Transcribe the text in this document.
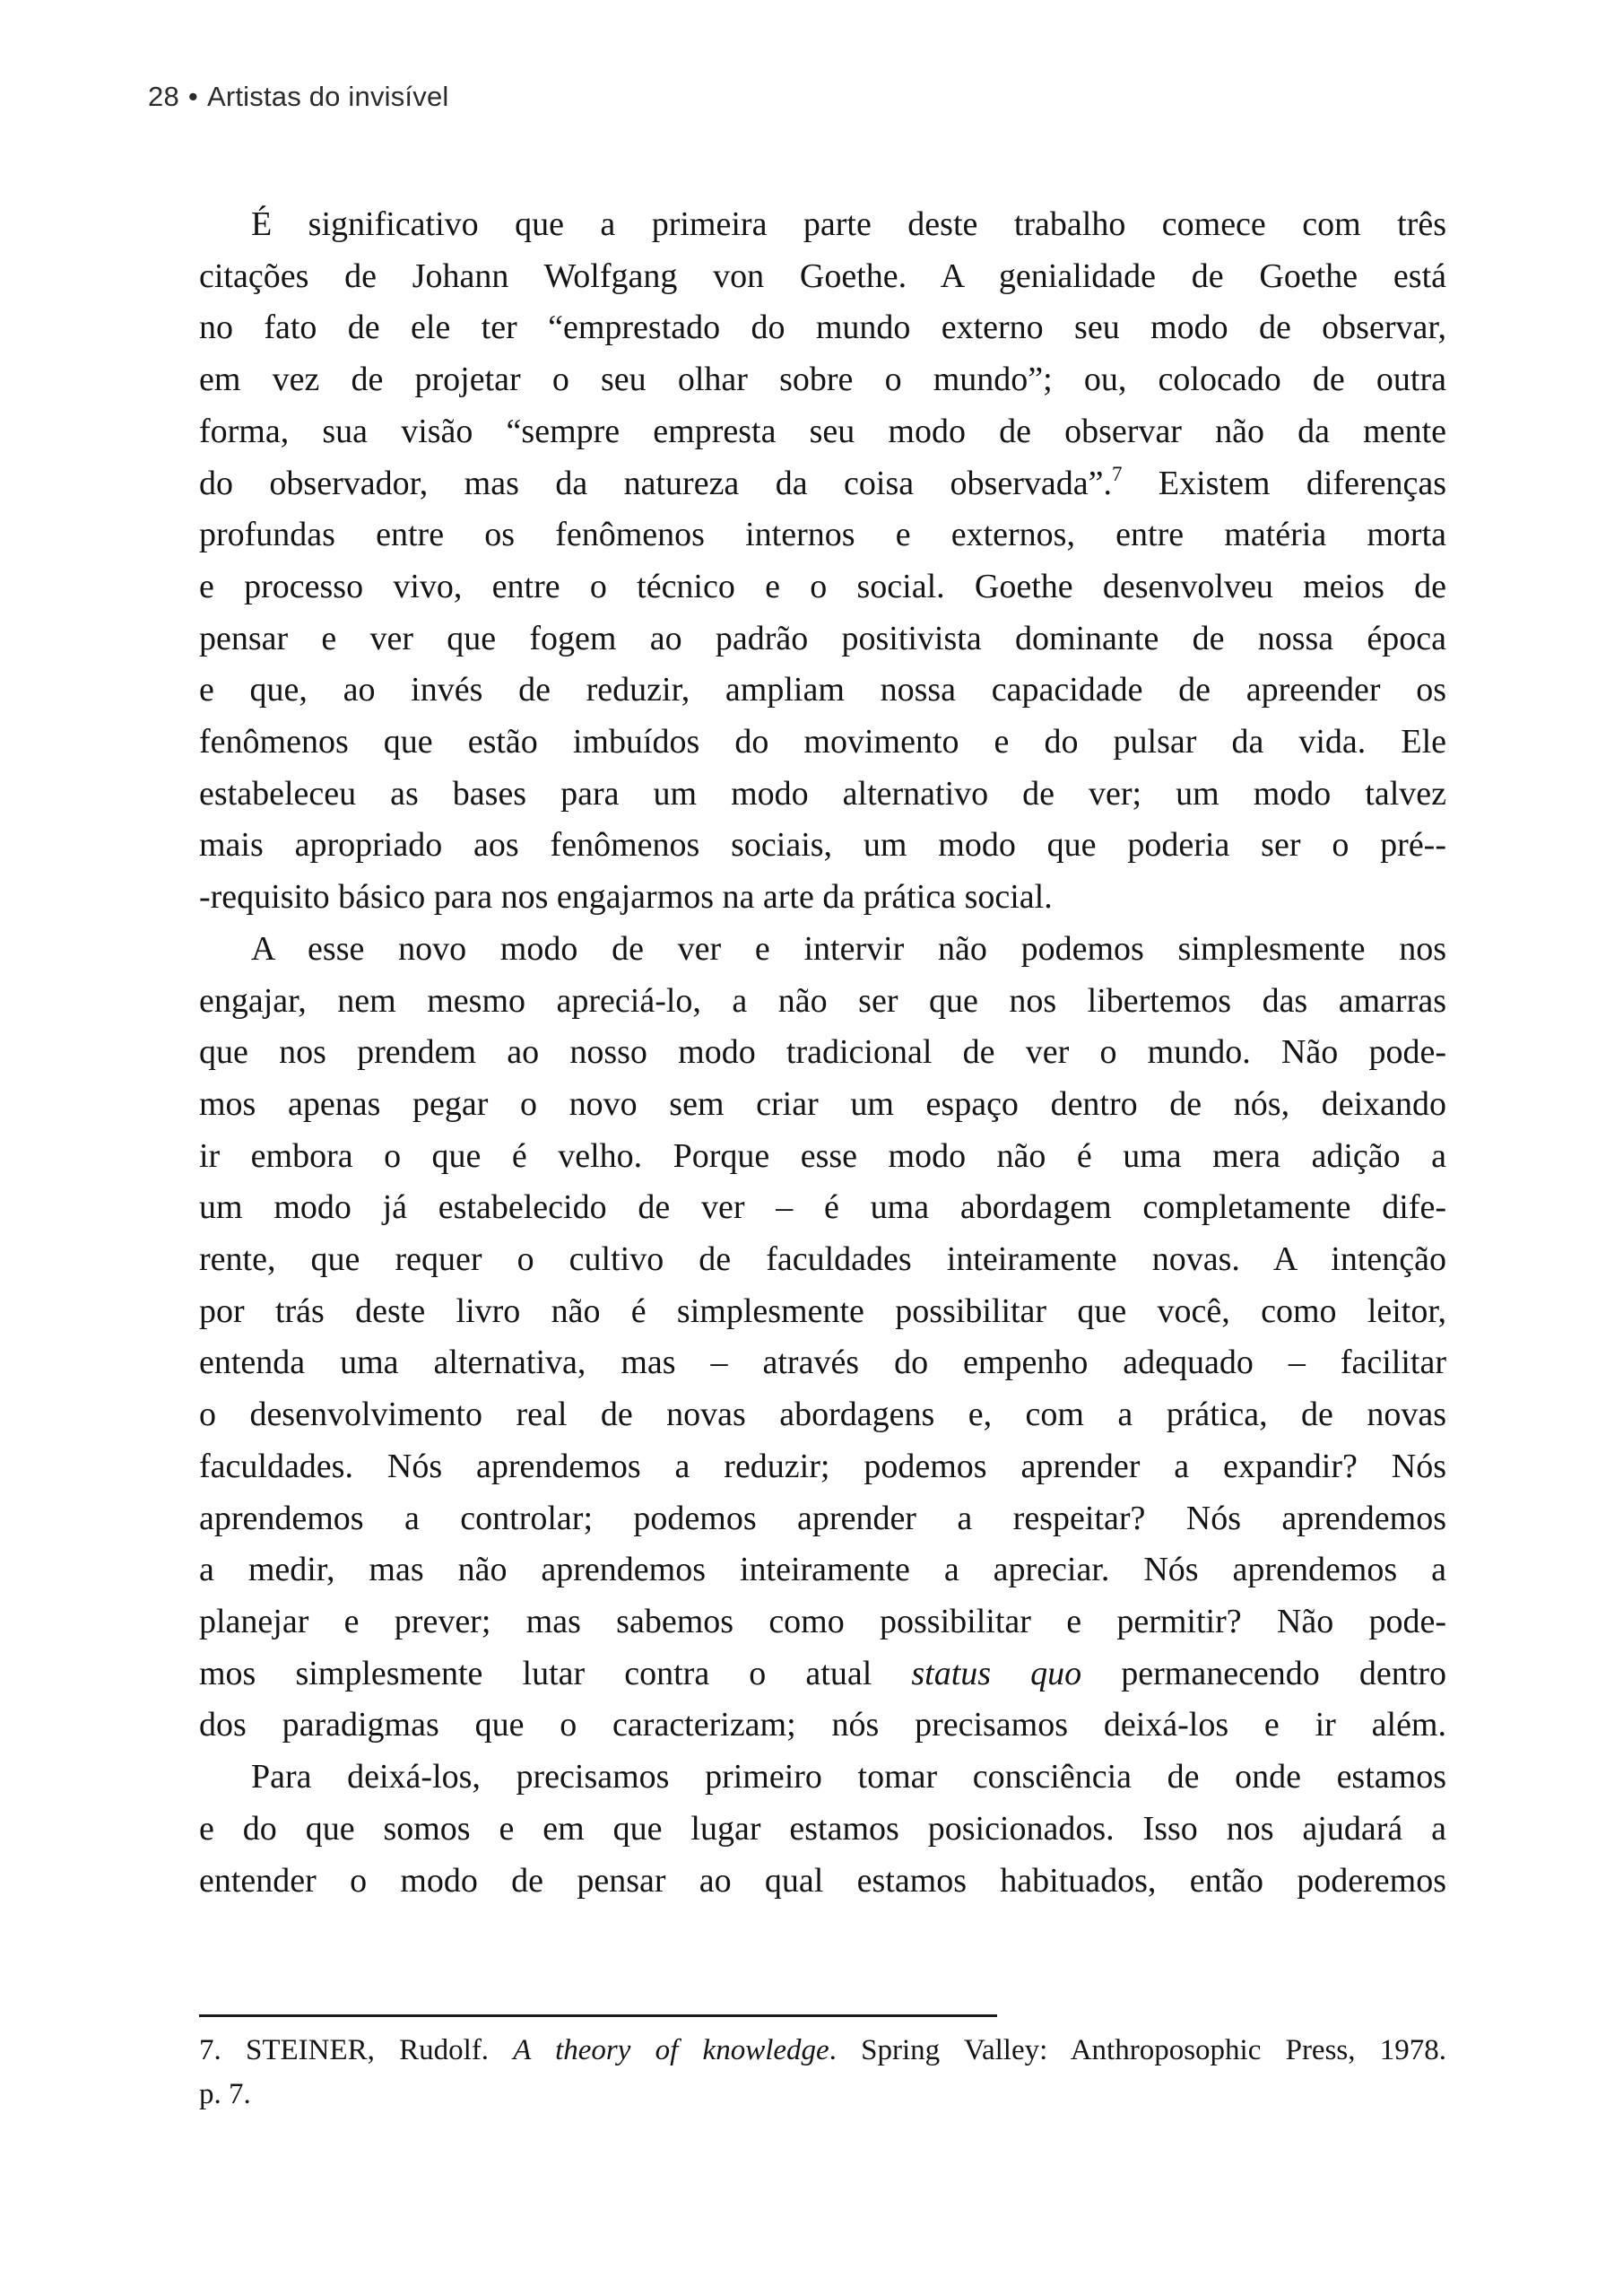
28 • Artistas do invisível
É significativo que a primeira parte deste trabalho comece com três
citações de Johann Wolfgang von Goethe. A genialidade de Goethe está
no fato de ele ter “emprestado do mundo externo seu modo de observar,
em vez de projetar o seu olhar sobre o mundo”; ou, colocado de outra
forma, sua visão “sempre empresta seu modo de observar não da mente
do observador, mas da natureza da coisa observada”.$^7$ Existem diferenças
profundas entre os fenômenos internos e externos, entre matéria morta
e processo vivo, entre o técnico e o social. Goethe desenvolveu meios de
pensar e ver que fogem ao padrão positivista dominante de nossa época
e que, ao invés de reduzir, ampliam nossa capacidade de apreender os
fenômenos que estão imbuídos do movimento e do pulsar da vida. Ele
estabeleceu as bases para um modo alternativo de ver; um modo talvez
mais apropriado aos fenômenos sociais, um modo que poderia ser o pré--
-requisito básico para nos engajarmos na arte da prática social.
A esse novo modo de ver e intervir não podemos simplesmente nos
engajar, nem mesmo apreciá-lo, a não ser que nos libertemos das amarras
que nos prendem ao nosso modo tradicional de ver o mundo. Não pode-
mos apenas pegar o novo sem criar um espaço dentro de nós, deixando
ir embora o que é velho. Porque esse modo não é uma mera adição a
um modo já estabelecido de ver – é uma abordagem completamente dife-
rente, que requer o cultivo de faculdades inteiramente novas. A intenção
por trás deste livro não é simplesmente possibilitar que você, como leitor,
entenda uma alternativa, mas – através do empenho adequado – facilitar
o desenvolvimento real de novas abordagens e, com a prática, de novas
faculdades. Nós aprendemos a reduzir; podemos aprender a expandir? Nós
aprendemos a controlar; podemos aprender a respeitar? Nós aprendemos
a medir, mas não aprendemos inteiramente a apreciar. Nós aprendemos a
planejar e prever; mas sabemos como possibilitar e permitir? Não pode-
mos simplesmente lutar contra o atual status quo permanecendo dentro
dos paradigmas que o caracterizam; nós precisamos deixá-los e ir além.
Para deixá-los, precisamos primeiro tomar consciência de onde estamos
e do que somos e em que lugar estamos posicionados. Isso nos ajudará a
entender o modo de pensar ao qual estamos habituados, então poderemos
7. STEINER, Rudolf. A theory of knowledge. Spring Valley: Anthroposophic Press, 1978.
p. 7.
